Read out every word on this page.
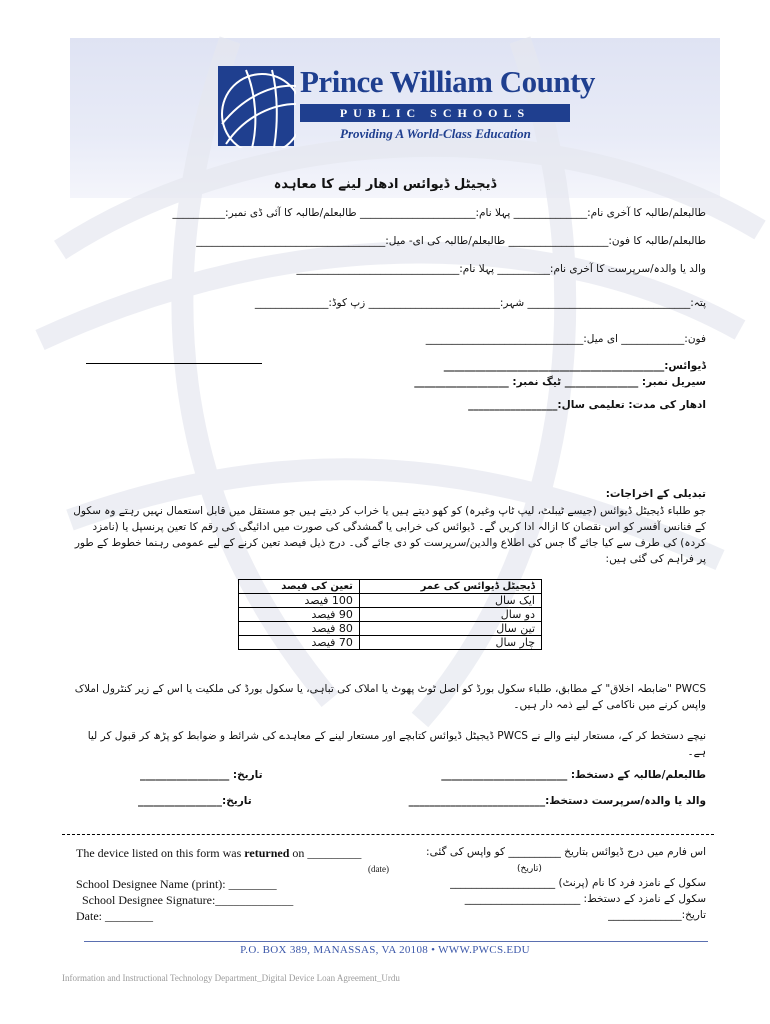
Prince William County
PUBLIC SCHOOLS
Providing A World-Class Education
ڈیجیٹل ڈیوائس ادھار لینے کا معاہدہ
طالبعلم/طالبہ کا آخری نام:______________ پہلا نام:______________________ طالبعلم/طالبہ کا آئی ڈی نمبر:__________
طالبعلم/طالبہ کا فون:___________________ طالبعلم/طالبہ کی ای- میل:____________________________________
والد یا والدہ/سرپرست کا آخری نام:__________ پہلا نام:_______________________________
پتہ:_______________________________ شہر:_________________________ زپ کوڈ:______________
فون:____________ ای میل:______________________________
ڈیوائس:__________________________________________
سیریل نمبر: ______________ ٹیگ نمبر: __________________
ادھار کی مدت: تعلیمی سال:_________________
تبدیلی کے اخراجات:
جو طلباء ڈیجیٹل ڈیوائس (جیسے ٹیبلٹ، لیپ ٹاپ وغیرہ) کو کھو دیتے ہیں یا خراب کر دیتے ہیں جو مستقل میں قابل استعمال نہیں رہتے وہ سکول کے فنانس آفسر کو اس نقصان کا ازالہ ادا کریں گے۔ ڈیوائس کی خرابی یا گمشدگی کی صورت میں ادائیگی کی رقم کا تعین پرنسپل یا (نامزد کردہ) کی طرف سے کیا جائے گا جس کی اطلاع والدین/سرپرست کو دی جائے گی۔ درج ذیل فیصد تعین کرنے کے لیے عمومی رہنما خطوط کے طور پر فراہم کی گئی ہیں:
تعین کی فیصد	ڈیجیٹل ڈیوائس کی عمر
100 فیصد	ایک سال
90 فیصد	دو سال
80 فیصد	تین سال
70 فیصد	چار سال
PWCS "ضابطہ اخلاق" کے مطابق، طلباء سکول بورڈ کو اصل ٹوٹ پھوٹ یا املاک کی تباہی، یا سکول بورڈ کی ملکیت یا اس کے زیر کنٹرول املاک واپس کرنے میں ناکامی کے لیے ذمہ دار ہیں۔
نیچے دستخط کر کے، مستعار لینے والے نے PWCS ڈیجیٹل ڈیوائس کتابچے اور مستعار لینے کے معاہدے کی شرائط و ضوابط کو پڑھ کر قبول کر لیا ہے۔
طالبعلم/طالبہ کے دستخط: ________________________
تاریخ: _________________
والد یا والدہ/سرپرست دستخط:__________________________
تاریخ:________________
The device listed on this form was returned on _________
(date)
اس فارم میں درج ڈیوائس بتاریخ __________ کو واپس کی گئی:
(تاریخ)
School Designee Name (print): ________
School Designee Signature:_____________
Date: ________
سکول کے نامزد فرد کا نام (پرنٹ) ____________________
سکول کے نامزد کے دستخط: ______________________
تاریخ:______________
P.O. BOX 389, MANASSAS, VA 20108 • WWW.PWCS.EDU
Information and Instructional Technology Department_Digital Device Loan Agreement_Urdu
